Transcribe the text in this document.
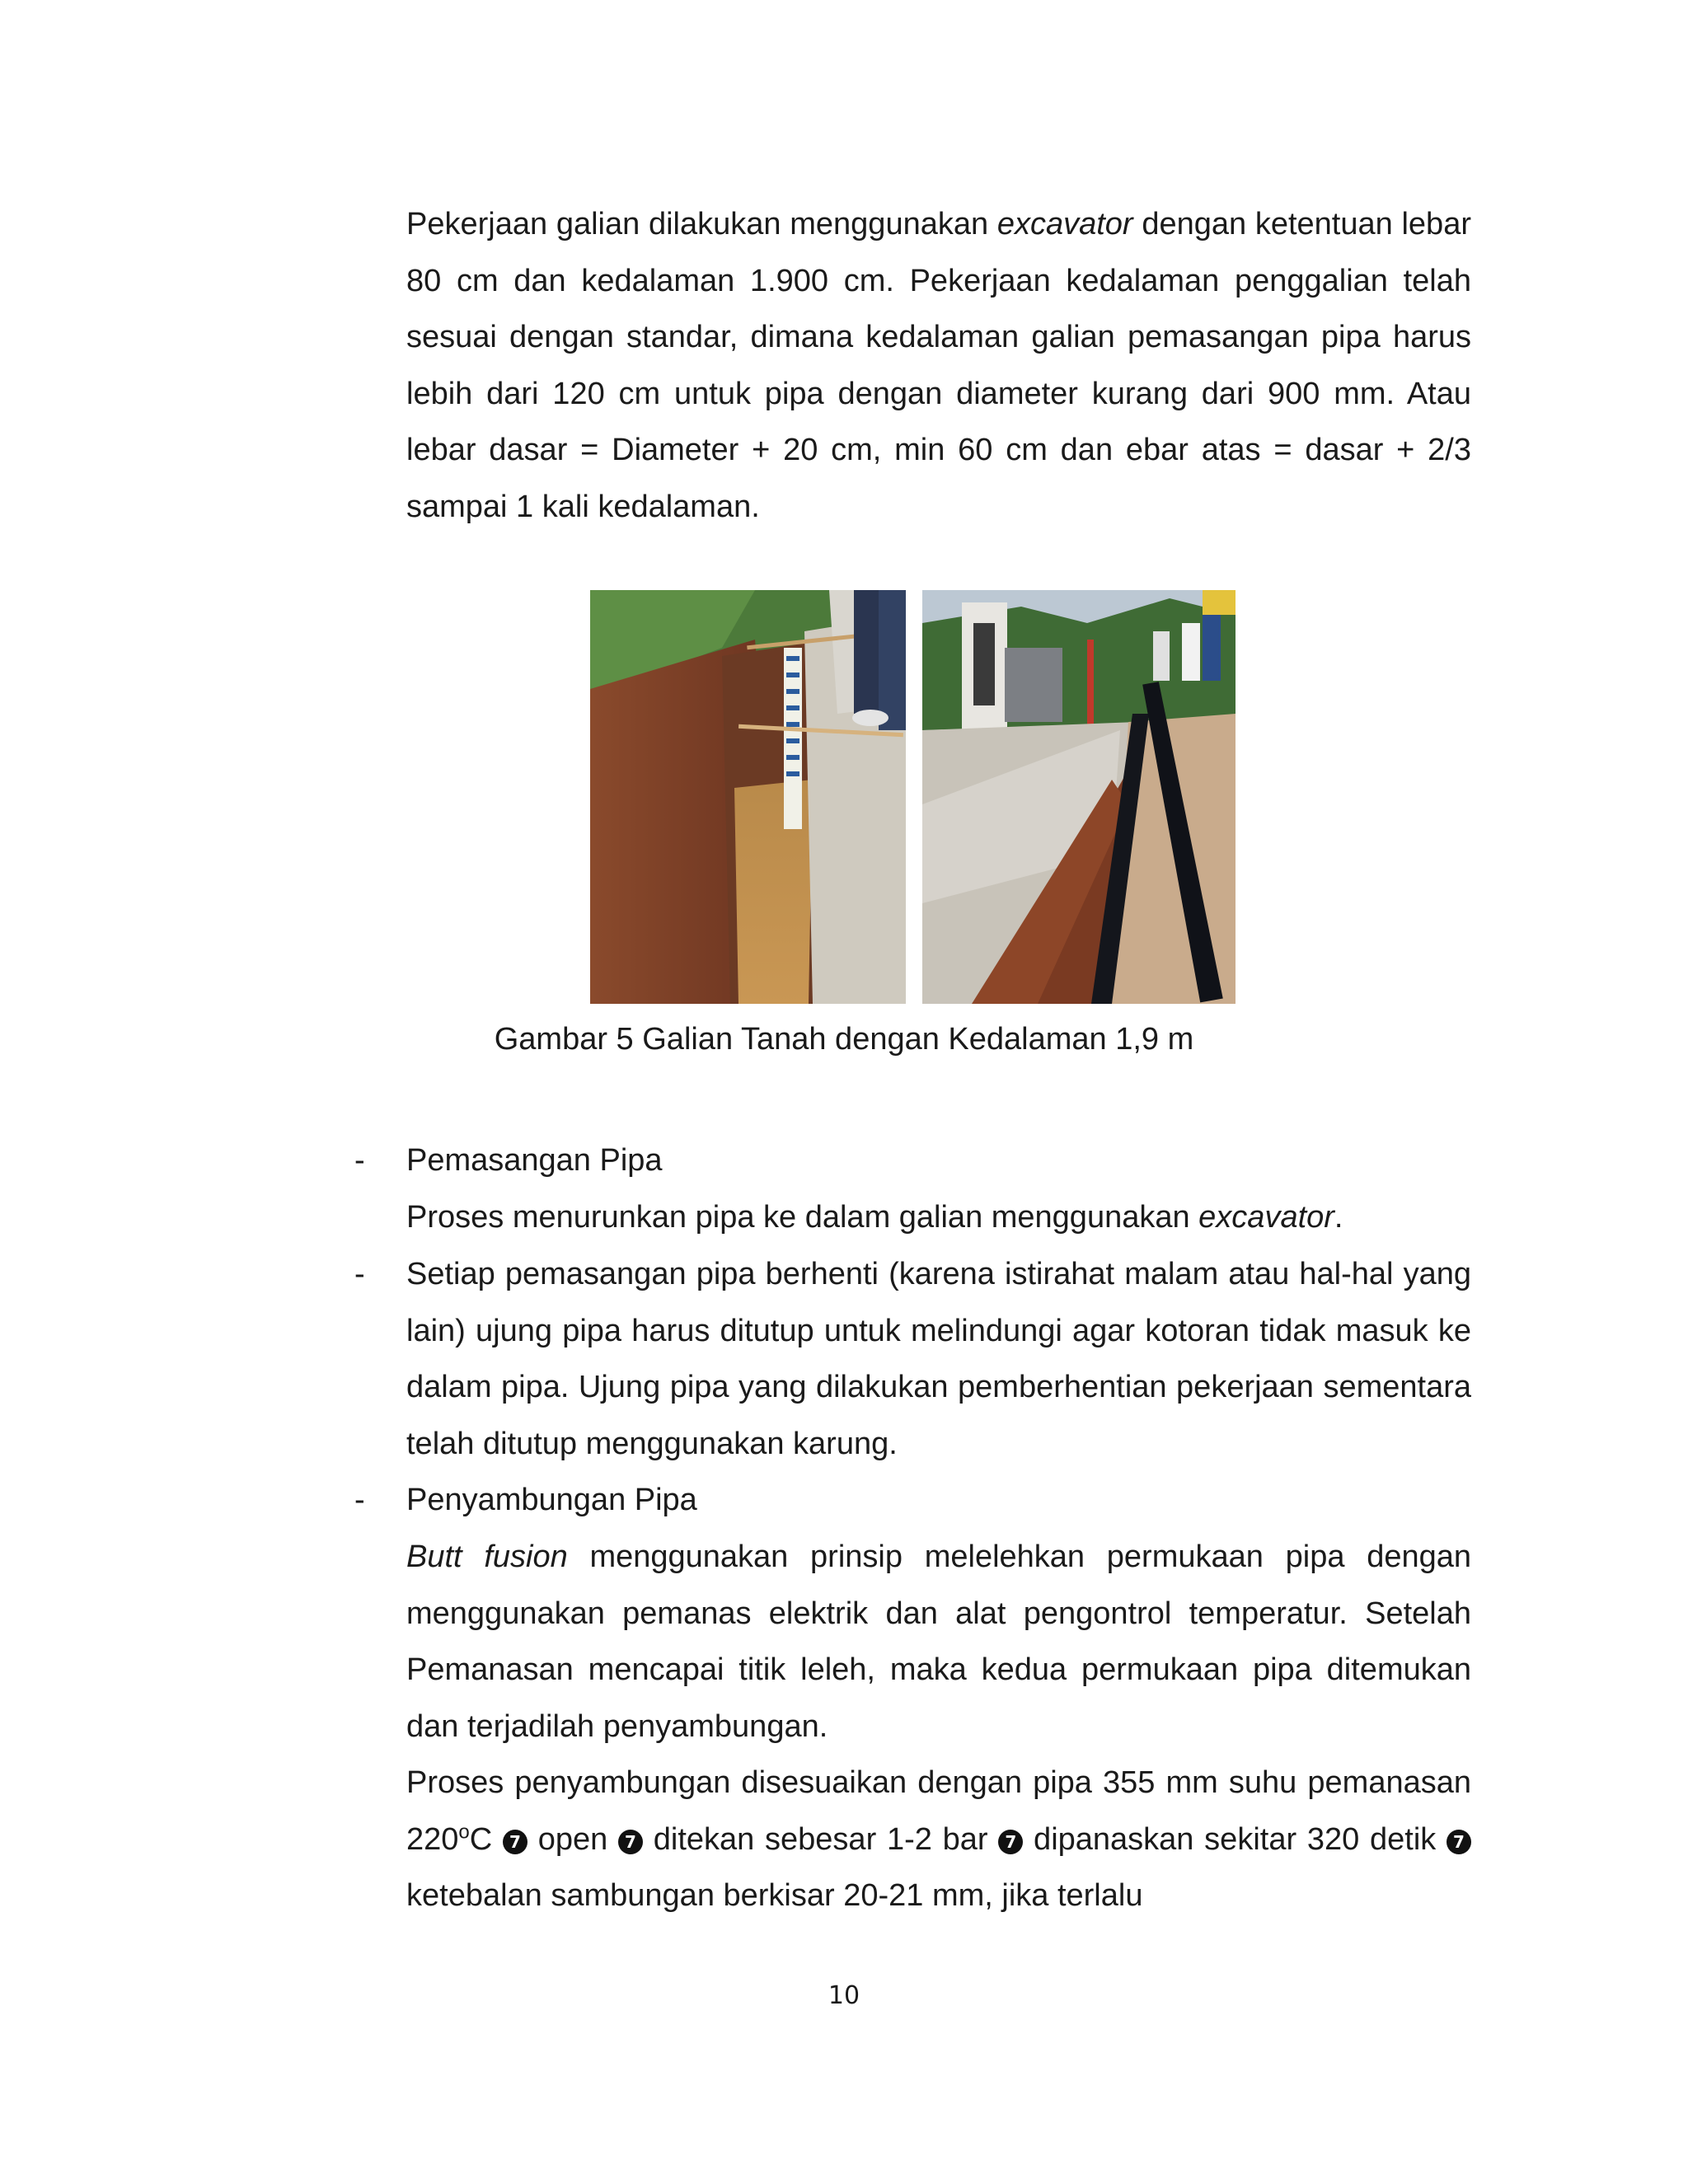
Pekerjaan galian dilakukan menggunakan excavator dengan ketentuan lebar 80 cm dan kedalaman 1.900 cm. Pekerjaan kedalaman penggalian telah sesuai dengan standar, dimana kedalaman galian pemasangan pipa harus lebih dari 120 cm untuk pipa dengan diameter kurang dari 900 mm. Atau lebar dasar = Diameter + 20 cm, min 60 cm dan ebar atas = dasar + 2/3 sampai 1 kali kedalaman.

Gambar 5 Galian Tanah dengan Kedalaman 1,9 m

- Pemasangan Pipa

Proses menurunkan pipa ke dalam galian menggunakan excavator.

- Setiap pemasangan pipa berhenti (karena istirahat malam atau hal-hal yang lain) ujung pipa harus ditutup untuk melindungi agar kotoran tidak masuk ke dalam pipa. Ujung pipa yang dilakukan pemberhentian pekerjaan sementara telah ditutup menggunakan karung.

- Penyambungan Pipa

Butt fusion menggunakan prinsip melelehkan permukaan pipa dengan menggunakan pemanas elektrik dan alat pengontrol temperatur. Setelah Pemanasan mencapai titik leleh, maka kedua permukaan pipa ditemukan dan terjadilah penyambungan.

Proses penyambungan disesuaikan dengan pipa 355 mm suhu pemanasan 220$^o$C 7 open 7 ditekan sebesar 1-2 bar 7 dipanaskan sekitar 320 detik 7 ketebalan sambungan berkisar 20-21 mm, jika terlalu

10
